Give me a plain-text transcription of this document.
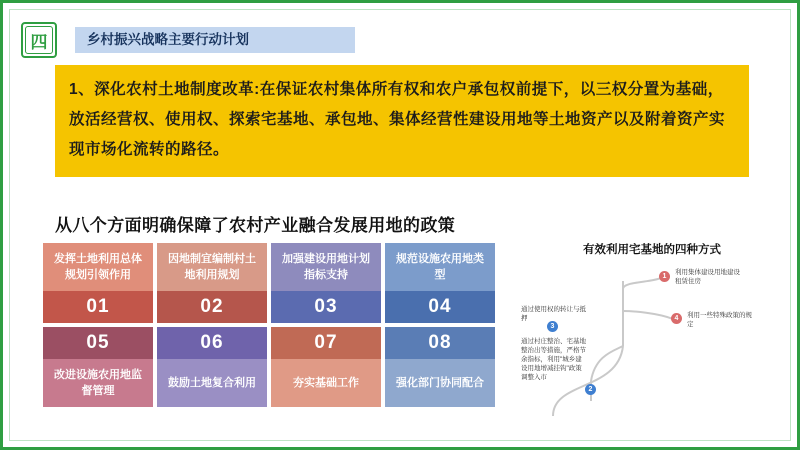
四	乡村振兴战略主要行动计划
1、深化农村土地制度改革:在保证农村集体所有权和农户承包权前提下，以三权分置为基础，放活经营权、使用权、探索宅基地、承包地、集体经营性建设用地等土地资产以及附着资产实现市场化流转的路径。
从八个方面明确保障了农村产业融合发展用地的政策
发挥土地利用总体规划引领作用
01
因地制宜编制村土地利用规划
02
加强建设用地计划指标支持
03
规范设施农用地类型
04
改进设施农用地监督管理
05
鼓励土地复合利用
06
夯实基础工作
07
强化部门协同配合
08
有效利用宅基地的四种方式
1
利用集体建设用地建设租赁住房
2
通过村庄整治、宅基地整治出等措施，严格节余指标，利用"城乡建设用地增减挂钩"政策调整入市
3
通过使用权的转让与抵押	4	利用一些特殊政策的规定
